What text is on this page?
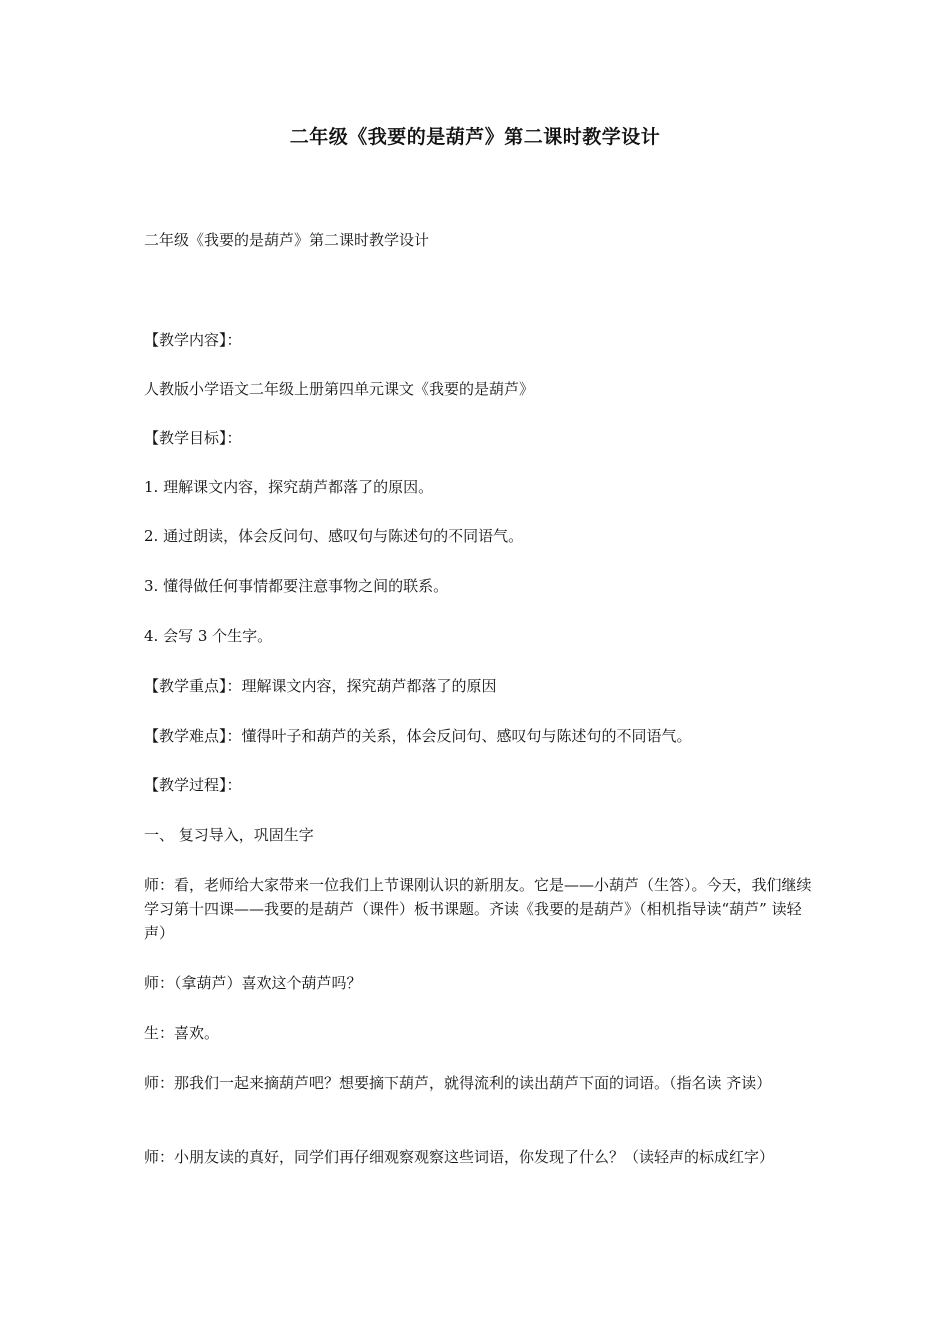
二年级《我要的是葫芦》第二课时教学设计
二年级《我要的是葫芦》第二课时教学设计
【教学内容】：
人教版小学语文二年级上册第四单元课文《我要的是葫芦》
【教学目标】：
1. 理解课文内容，探究葫芦都落了的原因。
2. 通过朗读，体会反问句、感叹句与陈述句的不同语气。
3. 懂得做任何事情都要注意事物之间的联系。
4. 会写 3 个生字。
【教学重点】：理解课文内容，探究葫芦都落了的原因
【教学难点】：懂得叶子和葫芦的关系，体会反问句、感叹句与陈述句的不同语气。
【教学过程】：
一、 复习导入，巩固生字
师：看，老师给大家带来一位我们上节课刚认识的新朋友。它是——小葫芦（生答）。今天，我们继续学习第十四课——我要的是葫芦（课件）板书课题。齐读《我要的是葫芦》（相机指导读“葫芦” 读轻声）
师：（拿葫芦）喜欢这个葫芦吗？
生：喜欢。
师：那我们一起来摘葫芦吧？想要摘下葫芦，就得流利的读出葫芦下面的词语。（指名读 齐读）
师：小朋友读的真好，同学们再仔细观察观察这些词语，你发现了什么？（读轻声的标成红字）
